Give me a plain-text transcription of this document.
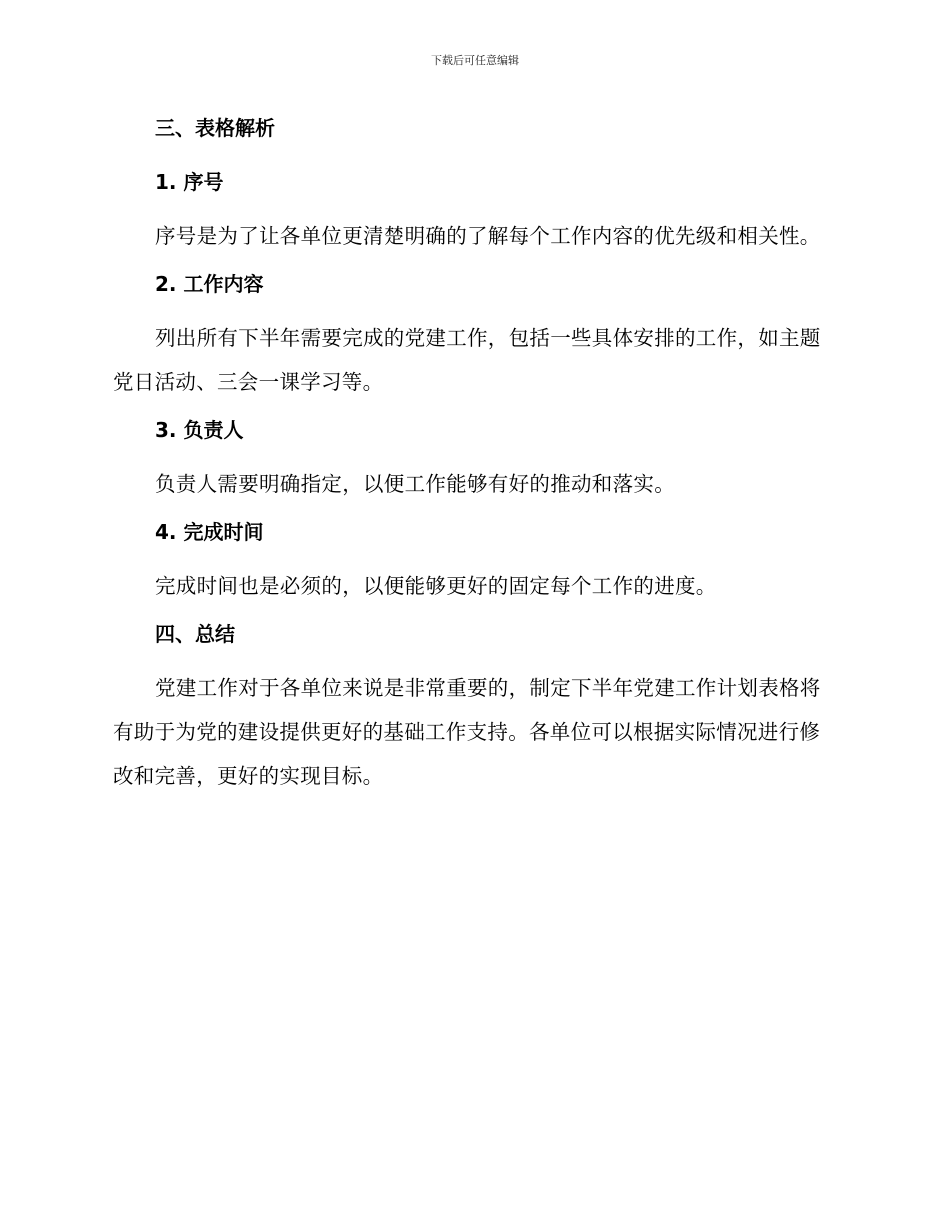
下载后可任意编辑
三、表格解析
1. 序号

序号是为了让各单位更清楚明确的了解每个工作内容的优先级和相关性。

2. 工作内容

列出所有下半年需要完成的党建工作，包括一些具体安排的工作，如主题党日活动、三会一课学习等。

3. 负责人

负责人需要明确指定，以便工作能够有好的推动和落实。

4. 完成时间

完成时间也是必须的，以便能够更好的固定每个工作的进度。

四、总结

党建工作对于各单位来说是非常重要的，制定下半年党建工作计划表格将有助于为党的建设提供更好的基础工作支持。各单位可以根据实际情况进行修改和完善，更好的实现目标。
